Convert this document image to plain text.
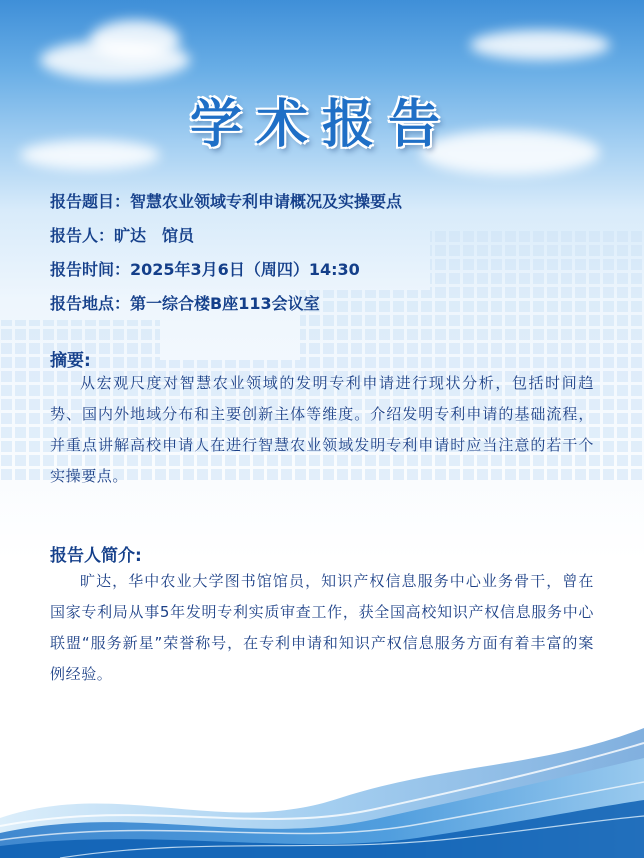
学术报告
报告题目：智慧农业领域专利申请概况及实操要点
报告人：旷达　馆员
报告时间：2025年3月6日（周四）14:30
报告地点：第一综合楼B座113会议室
摘要:
从宏观尺度对智慧农业领域的发明专利申请进行现状分析，包括时间趋势、国内外地域分布和主要创新主体等维度。介绍发明专利申请的基础流程，并重点讲解高校申请人在进行智慧农业领域发明专利申请时应当注意的若干个实操要点。
报告人简介:
旷达，华中农业大学图书馆馆员，知识产权信息服务中心业务骨干，曾在国家专利局从事5年发明专利实质审查工作，获全国高校知识产权信息服务中心联盟“服务新星”荣誉称号，在专利申请和知识产权信息服务方面有着丰富的案例经验。
